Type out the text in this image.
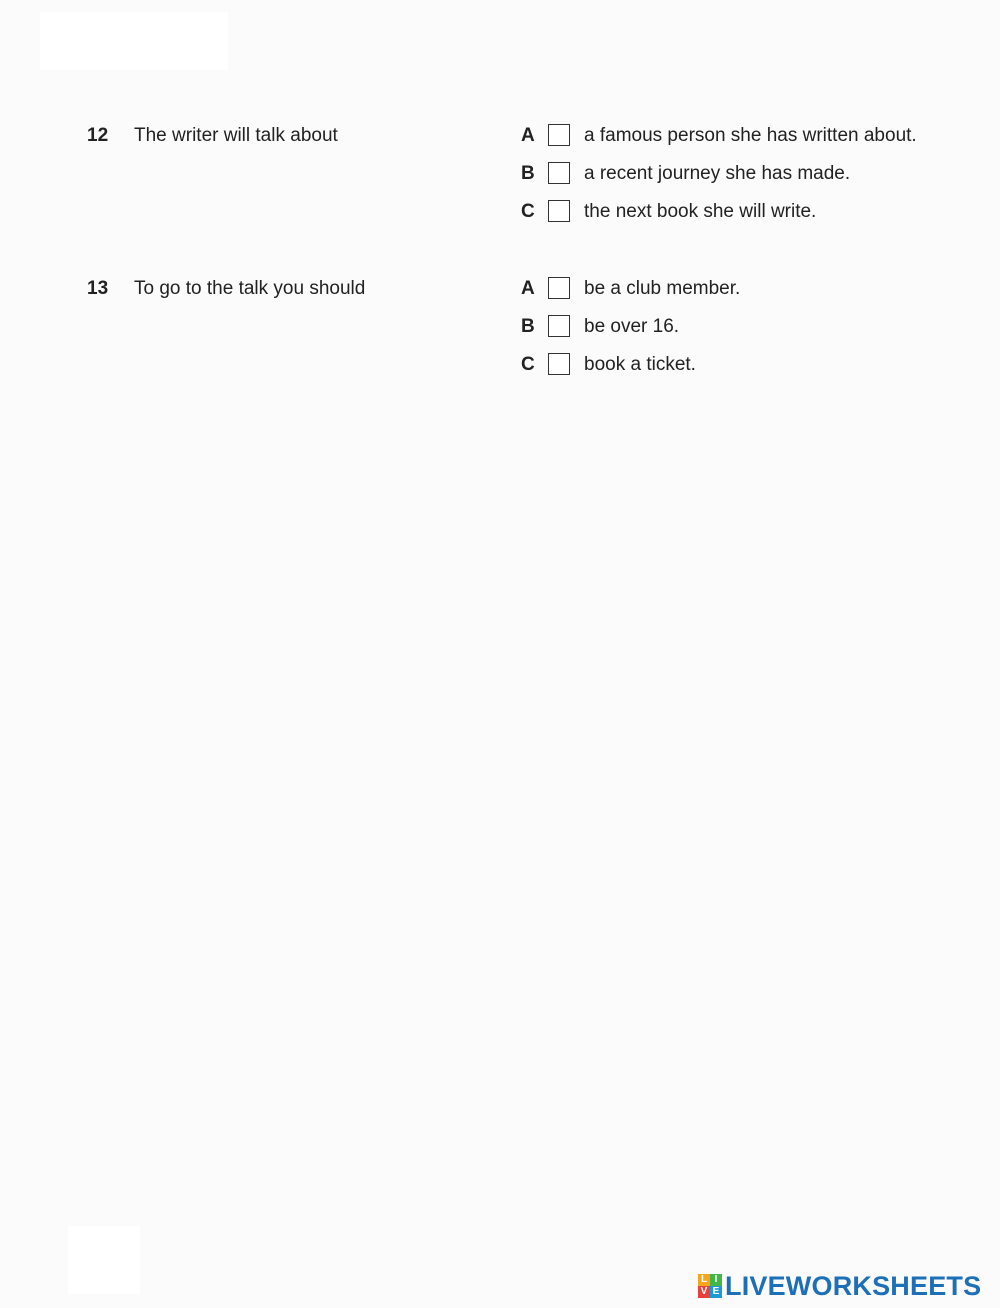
12 The writer will talk about	A	a famous person she has written about.
B	a recent journey she has made.
C	the next book she will write.
13 To go to the talk you should	A	be a club member.
B	be over 16.
C	book a ticket.
L I
V E LIVEWORKSHEETS
